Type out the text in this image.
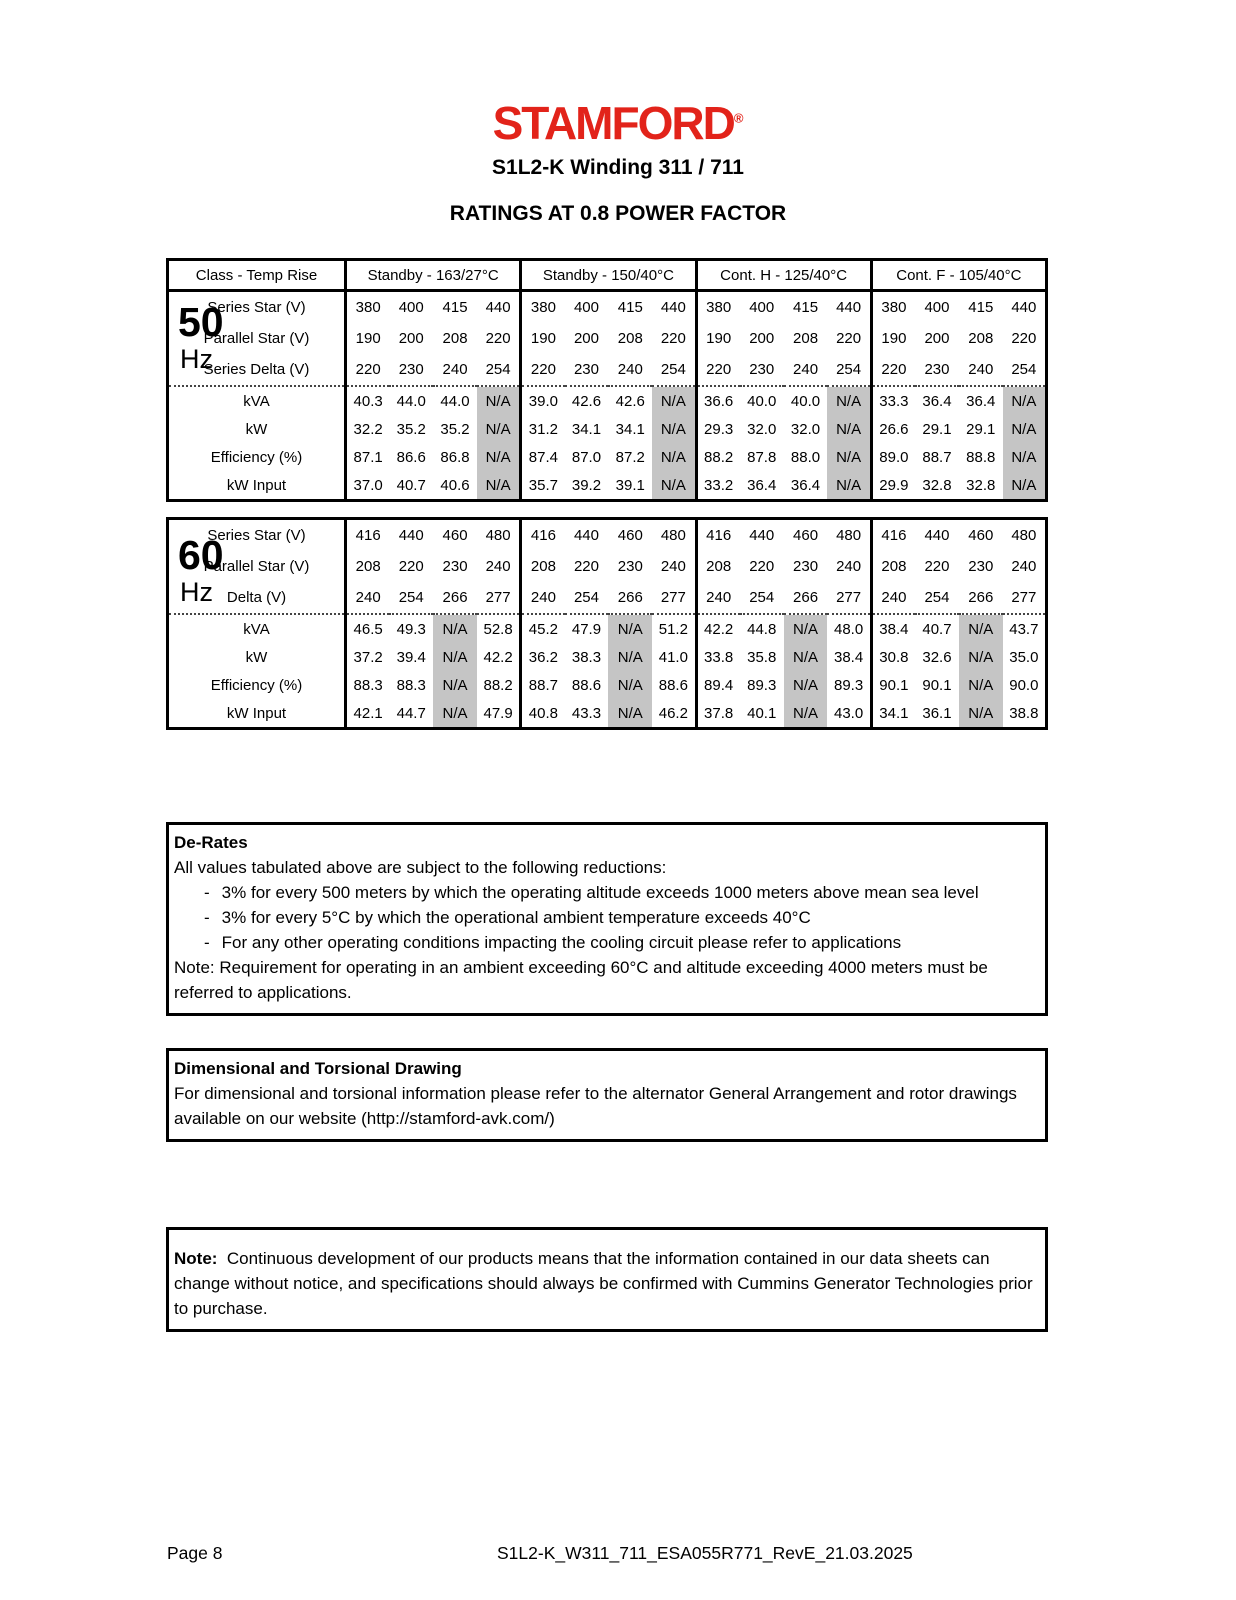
STAMFORD®
S1L2-K Winding 311 / 711
RATINGS AT 0.8 POWER FACTOR
50
Hz
Class - Temp Rise	Standby - 163/27°C				Standby - 150/40°C				Cont. H - 125/40°C				Cont. F - 105/40°C			
Series Star (V)	380	400	415	440	380	400	415	440	380	400	415	440	380	400	415	440
Parallel Star (V)	190	200	208	220	190	200	208	220	190	200	208	220	190	200	208	220
Series Delta (V)	220	230	240	254	220	230	240	254	220	230	240	254	220	230	240	254
kVA	40.3	44.0	44.0	N/A	39.0	42.6	42.6	N/A	36.6	40.0	40.0	N/A	33.3	36.4	36.4	N/A
kW	32.2	35.2	35.2	N/A	31.2	34.1	34.1	N/A	29.3	32.0	32.0	N/A	26.6	29.1	29.1	N/A
Efficiency (%)	87.1	86.6	86.8	N/A	87.4	87.0	87.2	N/A	88.2	87.8	88.0	N/A	89.0	88.7	88.8	N/A
kW Input	37.0	40.7	40.6	N/A	35.7	39.2	39.1	N/A	33.2	36.4	36.4	N/A	29.9	32.8	32.8	N/A
60
Hz
Series Star (V)	416	440	460	480	416	440	460	480	416	440	460	480	416	440	460	480
Parallel Star (V)	208	220	230	240	208	220	230	240	208	220	230	240	208	220	230	240
Delta (V)	240	254	266	277	240	254	266	277	240	254	266	277	240	254	266	277
kVA	46.5	49.3	N/A	52.8	45.2	47.9	N/A	51.2	42.2	44.8	N/A	48.0	38.4	40.7	N/A	43.7
kW	37.2	39.4	N/A	42.2	36.2	38.3	N/A	41.0	33.8	35.8	N/A	38.4	30.8	32.6	N/A	35.0
Efficiency (%)	88.3	88.3	N/A	88.2	88.7	88.6	N/A	88.6	89.4	89.3	N/A	89.3	90.1	90.1	N/A	90.0
kW Input	42.1	44.7	N/A	47.9	40.8	43.3	N/A	46.2	37.8	40.1	N/A	43.0	34.1	36.1	N/A	38.8
De-Rates
All values tabulated above are subject to the following reductions:
- 3% for every 500 meters by which the operating altitude exceeds 1000 meters above mean sea level
- 3% for every 5°C by which the operational ambient temperature exceeds 40°C
- For any other operating conditions impacting the cooling circuit please refer to applications
Note: Requirement for operating in an ambient exceeding 60°C and altitude exceeding 4000 meters must be referred to applications.
Dimensional and Torsional Drawing
For dimensional and torsional information please refer to the alternator General Arrangement and rotor drawings available on our website (http://stamford-avk.com/)

Note: Continuous development of our products means that the information contained in our data sheets can change without notice, and specifications should always be confirmed with Cummins Generator Technologies prior to purchase.

Page 8	S1L2-K_W311_711_ESA055R771_RevE_21.03.2025
